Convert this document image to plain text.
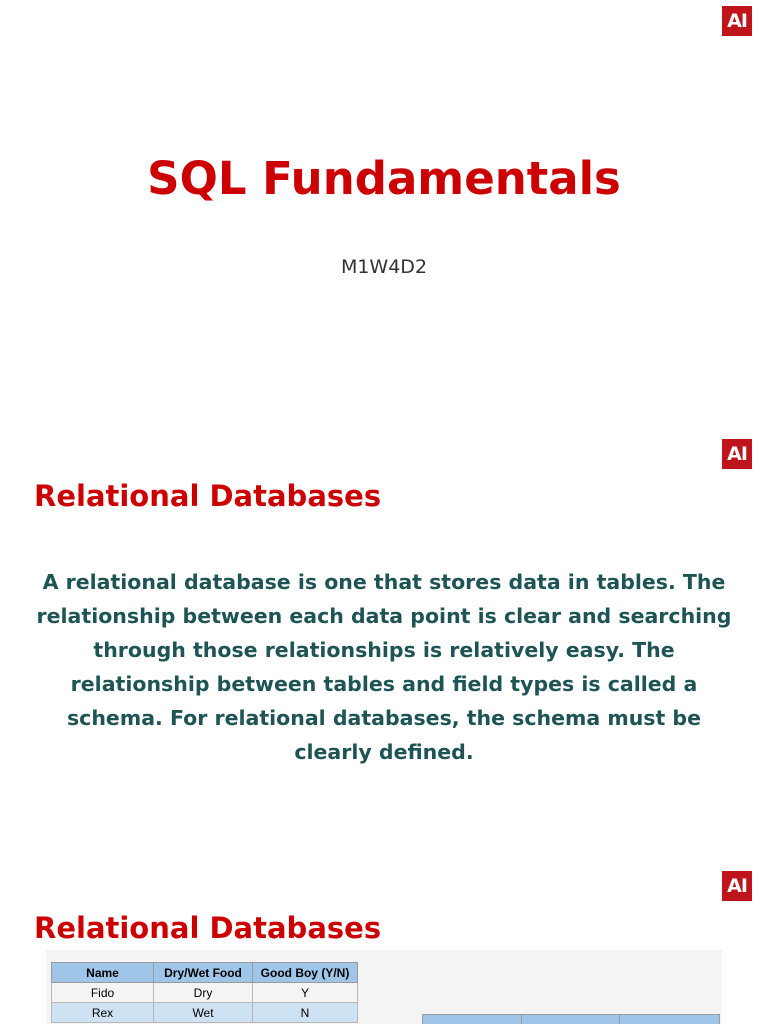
AI
SQL Fundamentals

M1W4D2

AI
Relational Databases

A relational database is one that stores data in tables. The relationship between each data point is clear and searching through those relationships is relatively easy. The relationship between tables and field types is called a schema. For relational databases, the schema must be clearly defined.

AI
Relational Databases
Name	Dry/Wet Food	Good Boy (Y/N)
Fido	Dry	Y
Rex	Wet	N
